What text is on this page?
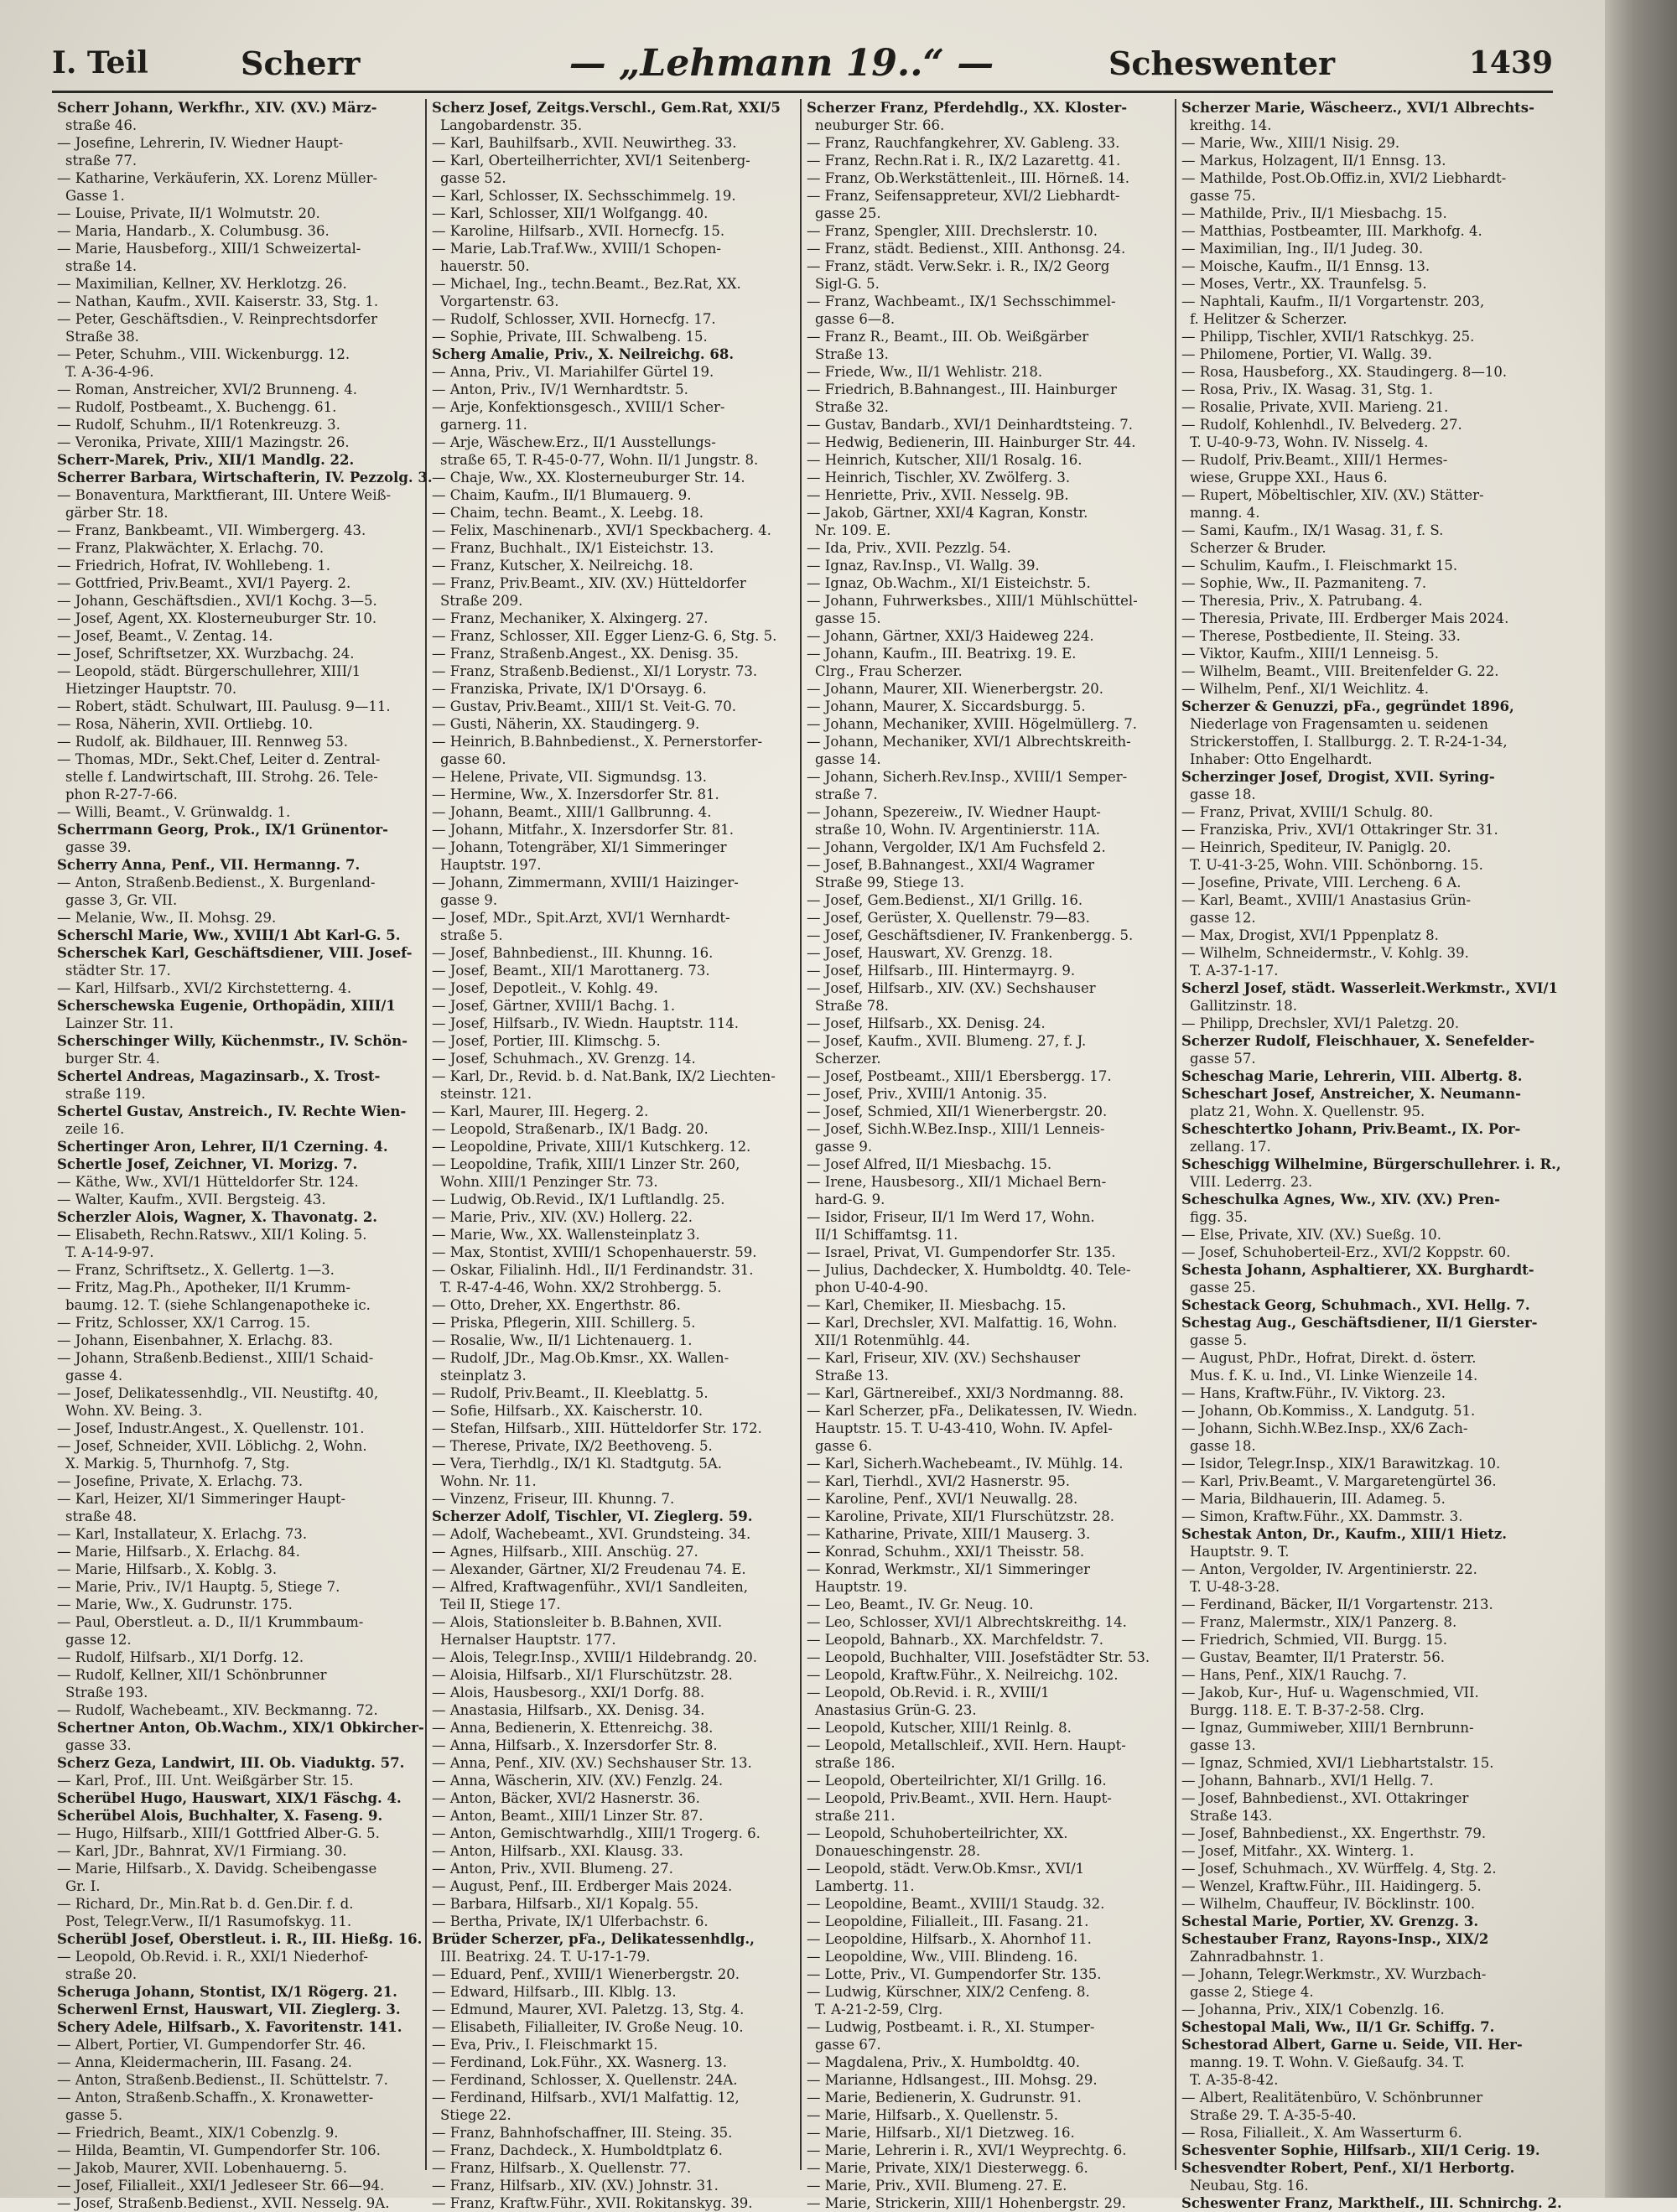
I. Teil	Scherr	— „Lehmann 19..“ —	Scheswenter	1439
Scherr Johann, Werkfhr., XIV. (XV.) März-
straße 46.
— Josefine, Lehrerin, IV. Wiedner Haupt-
straße 77.
— Katharine, Verkäuferin, XX. Lorenz Müller-
Gasse 1.
— Louise, Private, II/1 Wolmutstr. 20.
— Maria, Handarb., X. Columbusg. 36.
— Marie, Hausbeforg., XIII/1 Schweizertal-
straße 14.
— Maximilian, Kellner, XV. Herklotzg. 26.
— Nathan, Kaufm., XVII. Kaiserstr. 33, Stg. 1.
— Peter, Geschäftsdien., V. Reinprechtsdorfer
Straße 38.
— Peter, Schuhm., VIII. Wickenburgg. 12.
T. A-36-4-96.
— Roman, Anstreicher, XVI/2 Brunneng. 4.
— Rudolf, Postbeamt., X. Buchengg. 61.
— Rudolf, Schuhm., II/1 Rotenkreuzg. 3.
— Veronika, Private, XIII/1 Mazingstr. 26.
Scherr-Marek, Priv., XII/1 Mandlg. 22.
Scherrer Barbara, Wirtschafterin, IV. Pezzolg. 3.
— Bonaventura, Marktfierant, III. Untere Weiß-
gärber Str. 18.
— Franz, Bankbeamt., VII. Wimbergerg. 43.
— Franz, Plakwächter, X. Erlachg. 70.
— Friedrich, Hofrat, IV. Wohllebeng. 1.
— Gottfried, Priv.Beamt., XVI/1 Payerg. 2.
— Johann, Geschäftsdien., XVI/1 Kochg. 3—5.
— Josef, Agent, XX. Klosterneuburger Str. 10.
— Josef, Beamt., V. Zentag. 14.
— Josef, Schriftsetzer, XX. Wurzbachg. 24.
— Leopold, städt. Bürgerschullehrer, XIII/1
Hietzinger Hauptstr. 70.
— Robert, städt. Schulwart, III. Paulusg. 9—11.
— Rosa, Näherin, XVII. Ortliebg. 10.
— Rudolf, ak. Bildhauer, III. Rennweg 53.
— Thomas, MDr., Sekt.Chef, Leiter d. Zentral-
stelle f. Landwirtschaft, III. Strohg. 26. Tele-
phon R-27-7-66.
— Willi, Beamt., V. Grünwaldg. 1.
Scherrmann Georg, Prok., IX/1 Grünentor-
gasse 39.
Scherry Anna, Penf., VII. Hermanng. 7.
— Anton, Straßenb.Bedienst., X. Burgenland-
gasse 3, Gr. VII.
— Melanie, Ww., II. Mohsg. 29.
Scherschl Marie, Ww., XVIII/1 Abt Karl-G. 5.
Scherschek Karl, Geschäftsdiener, VIII. Josef-
städter Str. 17.
— Karl, Hilfsarb., XVI/2 Kirchstetterng. 4.
Scherschewska Eugenie, Orthopädin, XIII/1
Lainzer Str. 11.
Scherschinger Willy, Küchenmstr., IV. Schön-
burger Str. 4.
Schertel Andreas, Magazinsarb., X. Trost-
straße 119.
Schertel Gustav, Anstreich., IV. Rechte Wien-
zeile 16.
Schertinger Aron, Lehrer, II/1 Czerning. 4.
Schertle Josef, Zeichner, VI. Morizg. 7.
— Käthe, Ww., XVI/1 Hütteldorfer Str. 124.
— Walter, Kaufm., XVII. Bergsteig. 43.
Scherzler Alois, Wagner, X. Thavonatg. 2.
— Elisabeth, Rechn.Ratswv., XII/1 Koling. 5.
T. A-14-9-97.
— Franz, Schriftsetz., X. Gellertg. 1—3.
— Fritz, Mag.Ph., Apotheker, II/1 Krumm-
baumg. 12. T. (siehe Schlangenapotheke ic.
— Fritz, Schlosser, XX/1 Carrog. 15.
— Johann, Eisenbahner, X. Erlachg. 83.
— Johann, Straßenb.Bedienst., XIII/1 Schaid-
gasse 4.
— Josef, Delikatessenhdlg., VII. Neustiftg. 40,
Wohn. XV. Being. 3.
— Josef, Industr.Angest., X. Quellenstr. 101.
— Josef, Schneider, XVII. Löblichg. 2, Wohn.
X. Markig. 5, Thurnhofg. 7, Stg.
— Josefine, Private, X. Erlachg. 73.
— Karl, Heizer, XI/1 Simmeringer Haupt-
straße 48.
— Karl, Installateur, X. Erlachg. 73.
— Marie, Hilfsarb., X. Erlachg. 84.
— Marie, Hilfsarb., X. Koblg. 3.
— Marie, Priv., IV/1 Hauptg. 5, Stiege 7.
— Marie, Ww., X. Gudrunstr. 175.
— Paul, Oberstleut. a. D., II/1 Krummbaum-
gasse 12.
— Rudolf, Hilfsarb., XI/1 Dorfg. 12.
— Rudolf, Kellner, XII/1 Schönbrunner
Straße 193.
— Rudolf, Wachebeamt., XIV. Beckmanng. 72.
Schertner Anton, Ob.Wachm., XIX/1 Obkircher-
gasse 33.
Scherz Geza, Landwirt, III. Ob. Viaduktg. 57.
— Karl, Prof., III. Unt. Weißgärber Str. 15.
Scherübel Hugo, Hauswart, XIX/1 Fäschg. 4.
Scherübel Alois, Buchhalter, X. Faseng. 9.
— Hugo, Hilfsarb., XIII/1 Gottfried Alber-G. 5.
— Karl, JDr., Bahnrat, XV/1 Firmiang. 30.
— Marie, Hilfsarb., X. Davidg. Scheibengasse
Gr. I.
— Richard, Dr., Min.Rat b. d. Gen.Dir. f. d.
Post, Telegr.Verw., II/1 Rasumofskyg. 11.
Scherübl Josef, Oberstleut. i. R., III. Hießg. 16.
— Leopold, Ob.Revid. i. R., XXI/1 Niederhof-
straße 20.
Scheruga Johann, Stontist, IX/1 Rögerg. 21.
Scherwenl Ernst, Hauswart, VII. Zieglerg. 3.
Schery Adele, Hilfsarb., X. Favoritenstr. 141.
— Albert, Portier, VI. Gumpendorfer Str. 46.
— Anna, Kleidermacherin, III. Fasang. 24.
— Anton, Straßenb.Bedienst., II. Schüttelstr. 7.
— Anton, Straßenb.Schaffn., X. Kronawetter-
gasse 5.
— Friedrich, Beamt., XIX/1 Cobenzlg. 9.
— Hilda, Beamtin, VI. Gumpendorfer Str. 106.
— Jakob, Maurer, XVII. Lobenhauerng. 5.
— Josef, Filialleit., XXI/1 Jedleseer Str. 66—94.
— Josef, Straßenb.Bedienst., XVII. Nesselg. 9A.
Scherz Josef, Zeitgs.Verschl., Gem.Rat, XXI/5
Langobardenstr. 35.
— Karl, Bauhilfsarb., XVII. Neuwirtheg. 33.
— Karl, Oberteilherrichter, XVI/1 Seitenberg-
gasse 52.
— Karl, Schlosser, IX. Sechsschimmelg. 19.
— Karl, Schlosser, XII/1 Wolfgangg. 40.
— Karoline, Hilfsarb., XVII. Hornecfg. 15.
— Marie, Lab.Traf.Ww., XVIII/1 Schopen-
hauerstr. 50.
— Michael, Ing., techn.Beamt., Bez.Rat, XX.
Vorgartenstr. 63.
— Rudolf, Schlosser, XVII. Hornecfg. 17.
— Sophie, Private, III. Schwalbeng. 15.
Scherg Amalie, Priv., X. Neilreichg. 68.
— Anna, Priv., VI. Mariahilfer Gürtel 19.
— Anton, Priv., IV/1 Wernhardtstr. 5.
— Arje, Konfektionsgesch., XVIII/1 Scher-
garnerg. 11.
— Arje, Wäschew.Erz., II/1 Ausstellungs-
straße 65, T. R-45-0-77, Wohn. II/1 Jungstr. 8.
— Chaje, Ww., XX. Klosterneuburger Str. 14.
— Chaim, Kaufm., II/1 Blumauerg. 9.
— Chaim, techn. Beamt., X. Leebg. 18.
— Felix, Maschinenarb., XVI/1 Speckbacherg. 4.
— Franz, Buchhalt., IX/1 Eisteichstr. 13.
— Franz, Kutscher, X. Neilreichg. 18.
— Franz, Priv.Beamt., XIV. (XV.) Hütteldorfer
Straße 209.
— Franz, Mechaniker, X. Alxingerg. 27.
— Franz, Schlosser, XII. Egger Lienz-G. 6, Stg. 5.
— Franz, Straßenb.Angest., XX. Denisg. 35.
— Franz, Straßenb.Bedienst., XI/1 Lorystr. 73.
— Franziska, Private, IX/1 D'Orsayg. 6.
— Gustav, Priv.Beamt., XIII/1 St. Veit-G. 70.
— Gusti, Näherin, XX. Staudingerg. 9.
— Heinrich, B.Bahnbedienst., X. Pernerstorfer-
gasse 60.
— Helene, Private, VII. Sigmundsg. 13.
— Hermine, Ww., X. Inzersdorfer Str. 81.
— Johann, Beamt., XIII/1 Gallbrunng. 4.
— Johann, Mitfahr., X. Inzersdorfer Str. 81.
— Johann, Totengräber, XI/1 Simmeringer
Hauptstr. 197.
— Johann, Zimmermann, XVIII/1 Haizinger-
gasse 9.
— Josef, MDr., Spit.Arzt, XVI/1 Wernhardt-
straße 5.
— Josef, Bahnbedienst., III. Khunng. 16.
— Josef, Beamt., XII/1 Marottanerg. 73.
— Josef, Depotleit., V. Kohlg. 49.
— Josef, Gärtner, XVIII/1 Bachg. 1.
— Josef, Hilfsarb., IV. Wiedn. Hauptstr. 114.
— Josef, Portier, III. Klimschg. 5.
— Josef, Schuhmach., XV. Grenzg. 14.
— Karl, Dr., Revid. b. d. Nat.Bank, IX/2 Liechten-
steinstr. 121.
— Karl, Maurer, III. Hegerg. 2.
— Leopold, Straßenarb., IX/1 Badg. 20.
— Leopoldine, Private, XIII/1 Kutschkerg. 12.
— Leopoldine, Trafik, XIII/1 Linzer Str. 260,
Wohn. XIII/1 Penzinger Str. 73.
— Ludwig, Ob.Revid., IX/1 Luftlandlg. 25.
— Marie, Priv., XIV. (XV.) Hollerg. 22.
— Marie, Ww., XX. Wallensteinplatz 3.
— Max, Stontist, XVIII/1 Schopenhauerstr. 59.
— Oskar, Filialinh. Hdl., II/1 Ferdinandstr. 31.
T. R-47-4-46, Wohn. XX/2 Strohbergg. 5.
— Otto, Dreher, XX. Engerthstr. 86.
— Priska, Pflegerin, XIII. Schillerg. 5.
— Rosalie, Ww., II/1 Lichtenauerg. 1.
— Rudolf, JDr., Mag.Ob.Kmsr., XX. Wallen-
steinplatz 3.
— Rudolf, Priv.Beamt., II. Kleeblattg. 5.
— Sofie, Hilfsarb., XX. Kaischerstr. 10.
— Stefan, Hilfsarb., XIII. Hütteldorfer Str. 172.
— Therese, Private, IX/2 Beethoveng. 5.
— Vera, Tierhdlg., IX/1 Kl. Stadtgutg. 5A.
Wohn. Nr. 11.
— Vinzenz, Friseur, III. Khunng. 7.
Scherzer Adolf, Tischler, VI. Zieglerg. 59.
— Adolf, Wachebeamt., XVI. Grundsteing. 34.
— Agnes, Hilfsarb., XIII. Anschüg. 27.
— Alexander, Gärtner, XI/2 Freudenau 74. E.
— Alfred, Kraftwagenführ., XVI/1 Sandleiten,
Teil II, Stiege 17.
— Alois, Stationsleiter b. B.Bahnen, XVII.
Hernalser Hauptstr. 177.
— Alois, Telegr.Insp., XVIII/1 Hildebrandg. 20.
— Aloisia, Hilfsarb., XI/1 Flurschützstr. 28.
— Alois, Hausbesorg., XXI/1 Dorfg. 88.
— Anastasia, Hilfsarb., XX. Denisg. 34.
— Anna, Bedienerin, X. Ettenreichg. 38.
— Anna, Hilfsarb., X. Inzersdorfer Str. 8.
— Anna, Penf., XIV. (XV.) Sechshauser Str. 13.
— Anna, Wäscherin, XIV. (XV.) Fenzlg. 24.
— Anton, Bäcker, XVI/2 Hasnerstr. 36.
— Anton, Beamt., XIII/1 Linzer Str. 87.
— Anton, Gemischtwarhdlg., XIII/1 Trogerg. 6.
— Anton, Hilfsarb., XXI. Klausg. 33.
— Anton, Priv., XVII. Blumeng. 27.
— August, Penf., III. Erdberger Mais 2024.
— Barbara, Hilfsarb., XI/1 Kopalg. 55.
— Bertha, Private, IX/1 Ulferbachstr. 6.
Brüder Scherzer, pFa., Delikatessenhdlg.,
III. Beatrixg. 24. T. U-17-1-79.
— Eduard, Penf., XVIII/1 Wienerbergstr. 20.
— Edward, Hilfsarb., III. Klblg. 13.
— Edmund, Maurer, XVI. Paletzg. 13, Stg. 4.
— Elisabeth, Filialleiter, IV. Große Neug. 10.
— Eva, Priv., I. Fleischmarkt 15.
— Ferdinand, Lok.Führ., XX. Wasnerg. 13.
— Ferdinand, Schlosser, X. Quellenstr. 24A.
— Ferdinand, Hilfsarb., XVI/1 Malfattig. 12,
Stiege 22.
— Franz, Bahnhofschaffner, III. Steing. 35.
— Franz, Dachdeck., X. Humboldtplatz 6.
— Franz, Hilfsarb., X. Quellenstr. 77.
— Franz, Hilfsarb., XIV. (XV.) Johnstr. 31.
— Franz, Kraftw.Führ., XVII. Rokitanskyg. 39.
Scherzer Franz, Pferdehdlg., XX. Kloster-
neuburger Str. 66.
— Franz, Rauchfangkehrer, XV. Gableng. 33.
— Franz, Rechn.Rat i. R., IX/2 Lazarettg. 41.
— Franz, Ob.Werkstättenleit., III. Hörneß. 14.
— Franz, Seifensappreteur, XVI/2 Liebhardt-
gasse 25.
— Franz, Spengler, XIII. Drechslerstr. 10.
— Franz, städt. Bedienst., XIII. Anthonsg. 24.
— Franz, städt. Verw.Sekr. i. R., IX/2 Georg
Sigl-G. 5.
— Franz, Wachbeamt., IX/1 Sechsschimmel-
gasse 6—8.
— Franz R., Beamt., III. Ob. Weißgärber
Straße 13.
— Friede, Ww., II/1 Wehlistr. 218.
— Friedrich, B.Bahnangest., III. Hainburger
Straße 32.
— Gustav, Bandarb., XVI/1 Deinhardtsteing. 7.
— Hedwig, Bedienerin, III. Hainburger Str. 44.
— Heinrich, Kutscher, XII/1 Rosalg. 16.
— Heinrich, Tischler, XV. Zwölferg. 3.
— Henriette, Priv., XVII. Nesselg. 9B.
— Jakob, Gärtner, XXI/4 Kagran, Konstr.
Nr. 109. E.
— Ida, Priv., XVII. Pezzlg. 54.
— Ignaz, Rav.Insp., VI. Wallg. 39.
— Ignaz, Ob.Wachm., XI/1 Eisteichstr. 5.
— Johann, Fuhrwerksbes., XIII/1 Mühlschüttel-
gasse 15.
— Johann, Gärtner, XXI/3 Haideweg 224.
— Johann, Kaufm., III. Beatrixg. 19. E.
Clrg., Frau Scherzer.
— Johann, Maurer, XII. Wienerbergstr. 20.
— Johann, Maurer, X. Siccardsburgg. 5.
— Johann, Mechaniker, XVIII. Högelmüllerg. 7.
— Johann, Mechaniker, XVI/1 Albrechtskreith-
gasse 14.
— Johann, Sicherh.Rev.Insp., XVIII/1 Semper-
straße 7.
— Johann, Spezereiw., IV. Wiedner Haupt-
straße 10, Wohn. IV. Argentinierstr. 11A.
— Johann, Vergolder, IX/1 Am Fuchsfeld 2.
— Josef, B.Bahnangest., XXI/4 Wagramer
Straße 99, Stiege 13.
— Josef, Gem.Bedienst., XI/1 Grillg. 16.
— Josef, Gerüster, X. Quellenstr. 79—83.
— Josef, Geschäftsdiener, IV. Frankenbergg. 5.
— Josef, Hauswart, XV. Grenzg. 18.
— Josef, Hilfsarb., III. Hintermayrg. 9.
— Josef, Hilfsarb., XIV. (XV.) Sechshauser
Straße 78.
— Josef, Hilfsarb., XX. Denisg. 24.
— Josef, Kaufm., XVII. Blumeng. 27, f. J.
Scherzer.
— Josef, Postbeamt., XIII/1 Ebersbergg. 17.
— Josef, Priv., XVIII/1 Antonig. 35.
— Josef, Schmied, XII/1 Wienerbergstr. 20.
— Josef, Sichh.W.Bez.Insp., XIII/1 Lenneis-
gasse 9.
— Josef Alfred, II/1 Miesbachg. 15.
— Irene, Hausbesorg., XII/1 Michael Bern-
hard-G. 9.
— Isidor, Friseur, II/1 Im Werd 17, Wohn.
II/1 Schiffamtsg. 11.
— Israel, Privat, VI. Gumpendorfer Str. 135.
— Julius, Dachdecker, X. Humboldtg. 40. Tele-
phon U-40-4-90.
— Karl, Chemiker, II. Miesbachg. 15.
— Karl, Drechsler, XVI. Malfattig. 16, Wohn.
XII/1 Rotenmühlg. 44.
— Karl, Friseur, XIV. (XV.) Sechshauser
Straße 13.
— Karl, Gärtnereibef., XXI/3 Nordmanng. 88.
— Karl Scherzer, pFa., Delikatessen, IV. Wiedn.
Hauptstr. 15. T. U-43-410, Wohn. IV. Apfel-
gasse 6.
— Karl, Sicherh.Wachebeamt., IV. Mühlg. 14.
— Karl, Tierhdl., XVI/2 Hasnerstr. 95.
— Karoline, Penf., XVI/1 Neuwallg. 28.
— Karoline, Private, XII/1 Flurschützstr. 28.
— Katharine, Private, XIII/1 Mauserg. 3.
— Konrad, Schuhm., XXI/1 Theisstr. 58.
— Konrad, Werkmstr., XI/1 Simmeringer
Hauptstr. 19.
— Leo, Beamt., IV. Gr. Neug. 10.
— Leo, Schlosser, XVI/1 Albrechtskreithg. 14.
— Leopold, Bahnarb., XX. Marchfeldstr. 7.
— Leopold, Buchhalter, VIII. Josefstädter Str. 53.
— Leopold, Kraftw.Führ., X. Neilreichg. 102.
— Leopold, Ob.Revid. i. R., XVIII/1
Anastasius Grün-G. 23.
— Leopold, Kutscher, XIII/1 Reinlg. 8.
— Leopold, Metallschleif., XVII. Hern. Haupt-
straße 186.
— Leopold, Oberteilrichter, XI/1 Grillg. 16.
— Leopold, Priv.Beamt., XVII. Hern. Haupt-
straße 211.
— Leopold, Schuhoberteilrichter, XX.
Donaueschingenstr. 28.
— Leopold, städt. Verw.Ob.Kmsr., XVI/1
Lambertg. 11.
— Leopoldine, Beamt., XVIII/1 Staudg. 32.
— Leopoldine, Filialleit., III. Fasang. 21.
— Leopoldine, Hilfsarb., X. Ahornhof 11.
— Leopoldine, Ww., VIII. Blindeng. 16.
— Lotte, Priv., VI. Gumpendorfer Str. 135.
— Ludwig, Kürschner, XIX/2 Cenfeng. 8.
T. A-21-2-59, Clrg.
— Ludwig, Postbeamt. i. R., XI. Stumper-
gasse 67.
— Magdalena, Priv., X. Humboldtg. 40.
— Marianne, Hdlsangest., III. Mohsg. 29.
— Marie, Bedienerin, X. Gudrunstr. 91.
— Marie, Hilfsarb., X. Quellenstr. 5.
— Marie, Hilfsarb., XI/1 Dietzweg. 16.
— Marie, Lehrerin i. R., XVI/1 Weyprechtg. 6.
— Marie, Private, XIX/1 Diesterwegg. 6.
— Marie, Priv., XVII. Blumeng. 27. E.
— Marie, Strickerin, XIII/1 Hohenbergstr. 29.
Scherzer Marie, Wäscheerz., XVI/1 Albrechts-
kreithg. 14.
— Marie, Ww., XIII/1 Nisig. 29.
— Markus, Holzagent, II/1 Ennsg. 13.
— Mathilde, Post.Ob.Offiz.in, XVI/2 Liebhardt-
gasse 75.
— Mathilde, Priv., II/1 Miesbachg. 15.
— Matthias, Postbeamter, III. Markhofg. 4.
— Maximilian, Ing., II/1 Judeg. 30.
— Moische, Kaufm., II/1 Ennsg. 13.
— Moses, Vertr., XX. Traunfelsg. 5.
— Naphtali, Kaufm., II/1 Vorgartenstr. 203,
f. Helitzer & Scherzer.
— Philipp, Tischler, XVII/1 Ratschkyg. 25.
— Philomene, Portier, VI. Wallg. 39.
— Rosa, Hausbeforg., XX. Staudingerg. 8—10.
— Rosa, Priv., IX. Wasag. 31, Stg. 1.
— Rosalie, Private, XVII. Marieng. 21.
— Rudolf, Kohlenhdl., IV. Belvederg. 27.
T. U-40-9-73, Wohn. IV. Nisselg. 4.
— Rudolf, Priv.Beamt., XIII/1 Hermes-
wiese, Gruppe XXI., Haus 6.
— Rupert, Möbeltischler, XIV. (XV.) Stätter-
manng. 4.
— Sami, Kaufm., IX/1 Wasag. 31, f. S.
Scherzer & Bruder.
— Schulim, Kaufm., I. Fleischmarkt 15.
— Sophie, Ww., II. Pazmaniteng. 7.
— Theresia, Priv., X. Patrubang. 4.
— Theresia, Private, III. Erdberger Mais 2024.
— Therese, Postbediente, II. Steing. 33.
— Viktor, Kaufm., XIII/1 Lenneisg. 5.
— Wilhelm, Beamt., VIII. Breitenfelder G. 22.
— Wilhelm, Penf., XI/1 Weichlitz. 4.
Scherzer & Genuzzi, pFa., gegründet 1896,
Niederlage von Fragensamten u. seidenen
Strickerstoffen, I. Stallburgg. 2. T. R-24-1-34,
Inhaber: Otto Engelhardt.
Scherzinger Josef, Drogist, XVII. Syring-
gasse 18.
— Franz, Privat, XVIII/1 Schulg. 80.
— Franziska, Priv., XVI/1 Ottakringer Str. 31.
— Heinrich, Spediteur, IV. Paniglg. 20.
T. U-41-3-25, Wohn. VIII. Schönborng. 15.
— Josefine, Private, VIII. Lercheng. 6 A.
— Karl, Beamt., XVIII/1 Anastasius Grün-
gasse 12.
— Max, Drogist, XVI/1 Pppenplatz 8.
— Wilhelm, Schneidermstr., V. Kohlg. 39.
T. A-37-1-17.
Scherzl Josef, städt. Wasserleit.Werkmstr., XVI/1
Gallitzinstr. 18.
— Philipp, Drechsler, XVI/1 Paletzg. 20.
Scherzer Rudolf, Fleischhauer, X. Senefelder-
gasse 57.
Scheschag Marie, Lehrerin, VIII. Albertg. 8.
Scheschart Josef, Anstreicher, X. Neumann-
platz 21, Wohn. X. Quellenstr. 95.
Scheschtertko Johann, Priv.Beamt., IX. Por-
zellang. 17.
Scheschigg Wilhelmine, Bürgerschullehrer. i. R.,
VIII. Lederrg. 23.
Scheschulka Agnes, Ww., XIV. (XV.) Pren-
figg. 35.
— Else, Private, XIV. (XV.) Sueßg. 10.
— Josef, Schuhoberteil-Erz., XVI/2 Koppstr. 60.
Schesta Johann, Asphaltierer, XX. Burghardt-
gasse 25.
Schestack Georg, Schuhmach., XVI. Hellg. 7.
Schestag Aug., Geschäftsdiener, II/1 Gierster-
gasse 5.
— August, PhDr., Hofrat, Direkt. d. österr.
Mus. f. K. u. Ind., VI. Linke Wienzeile 14.
— Hans, Kraftw.Führ., IV. Viktorg. 23.
— Johann, Ob.Kommiss., X. Landgutg. 51.
— Johann, Sichh.W.Bez.Insp., XX/6 Zach-
gasse 18.
— Isidor, Telegr.Insp., XIX/1 Barawitzkag. 10.
— Karl, Priv.Beamt., V. Margaretengürtel 36.
— Maria, Bildhauerin, III. Adameg. 5.
— Simon, Kraftw.Führ., XX. Dammstr. 3.
Schestak Anton, Dr., Kaufm., XIII/1 Hietz.
Hauptstr. 9. T.
— Anton, Vergolder, IV. Argentinierstr. 22.
T. U-48-3-28.
— Ferdinand, Bäcker, II/1 Vorgartenstr. 213.
— Franz, Malermstr., XIX/1 Panzerg. 8.
— Friedrich, Schmied, VII. Burgg. 15.
— Gustav, Beamter, II/1 Praterstr. 56.
— Hans, Penf., XIX/1 Rauchg. 7.
— Jakob, Kur-, Huf- u. Wagenschmied, VII.
Burgg. 118. E. T. B-37-2-58. Clrg.
— Ignaz, Gummiweber, XIII/1 Bernbrunn-
gasse 13.
— Ignaz, Schmied, XVI/1 Liebhartstalstr. 15.
— Johann, Bahnarb., XVI/1 Hellg. 7.
— Josef, Bahnbedienst., XVI. Ottakringer
Straße 143.
— Josef, Bahnbedienst., XX. Engerthstr. 79.
— Josef, Mitfahr., XX. Winterg. 1.
— Josef, Schuhmach., XV. Würffelg. 4, Stg. 2.
— Wenzel, Kraftw.Führ., III. Haidingerg. 5.
— Wilhelm, Chauffeur, IV. Böcklinstr. 100.
Schestal Marie, Portier, XV. Grenzg. 3.
Schestauber Franz, Rayons-Insp., XIX/2
Zahnradbahnstr. 1.
— Johann, Telegr.Werkmstr., XV. Wurzbach-
gasse 2, Stiege 4.
— Johanna, Priv., XIX/1 Cobenzlg. 16.
Schestopal Mali, Ww., II/1 Gr. Schiffg. 7.
Schestorad Albert, Garne u. Seide, VII. Her-
manng. 19. T. Wohn. V. Gießaufg. 34. T.
T. A-35-8-42.
— Albert, Realitätenbüro, V. Schönbrunner
Straße 29. T. A-35-5-40.
— Rosa, Filialleit., X. Am Wasserturm 6.
Schesventer Sophie, Hilfsarb., XII/1 Cerig. 19.
Schesvendter Robert, Penf., XI/1 Herbortg.
Neubau, Stg. 16.
Scheswenter Franz, Markthelf., III. Schnirchg. 2.
